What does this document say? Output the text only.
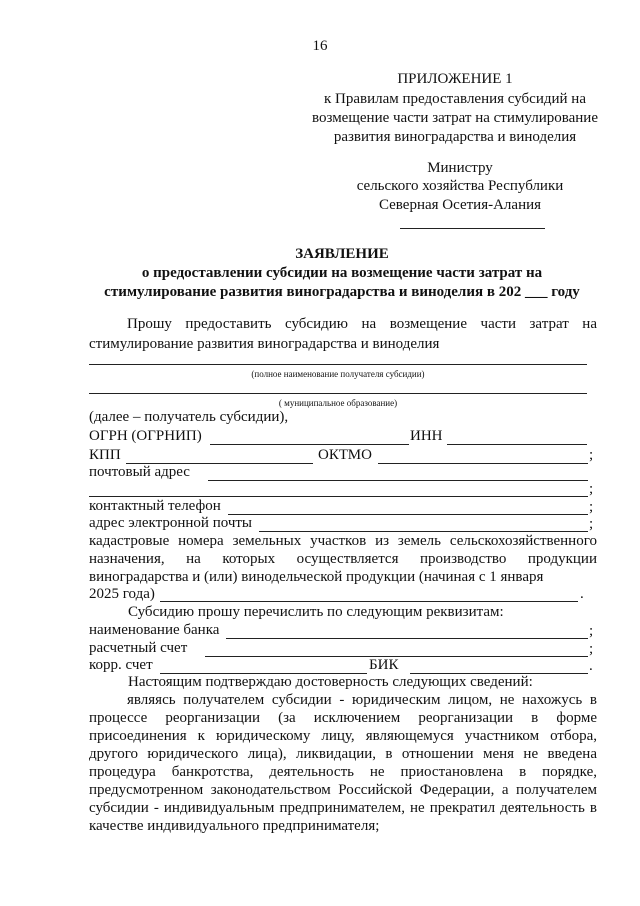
16
ПРИЛОЖЕНИЕ 1
к Правилам предоставления субсидий на
возмещение части затрат на стимулирование
развития виноградарства и виноделия
Министру
сельского хозяйства Республики
Северная Осетия-Алания
ЗАЯВЛЕНИЕ
о предоставлении субсидии на возмещение части затрат на
стимулирование развития виноградарства и виноделия в 202 ___ году
Прошу предоставить субсидию на возмещение части затрат на
стимулирование развития виноградарства и виноделия
(полное наименование получателя субсидии)
( муниципальное образование)
(далее – получатель субсидии),
ОГРН (ОГРНИП)	ИНН
КПП	ОКТМО	;
почтовый адрес
;
контактный телефон	;
адрес электронной почты	;
кадастровые номера земельных участков из земель сельскохозяйственного
назначения, на которых осуществляется производство продукции
виноградарства и (или) винодельческой продукции (начиная с 1 января
2025 года)	.
Субсидию прошу перечислить по следующим реквизитам:
наименование банка	;
расчетный счет	;
корр. счет	БИК	.
Настоящим подтверждаю достоверность следующих сведений:
являясь получателем субсидии - юридическим лицом, не нахожусь в
процессе реорганизации (за исключением реорганизации в форме
присоединения к юридическому лицу, являющемуся участником отбора,
другого юридического лица), ликвидации, в отношении меня не введена
процедура банкротства, деятельность не приостановлена в порядке,
предусмотренном законодательством Российской Федерации, а получателем
субсидии - индивидуальным предпринимателем, не прекратил деятельность в
качестве индивидуального предпринимателя;
